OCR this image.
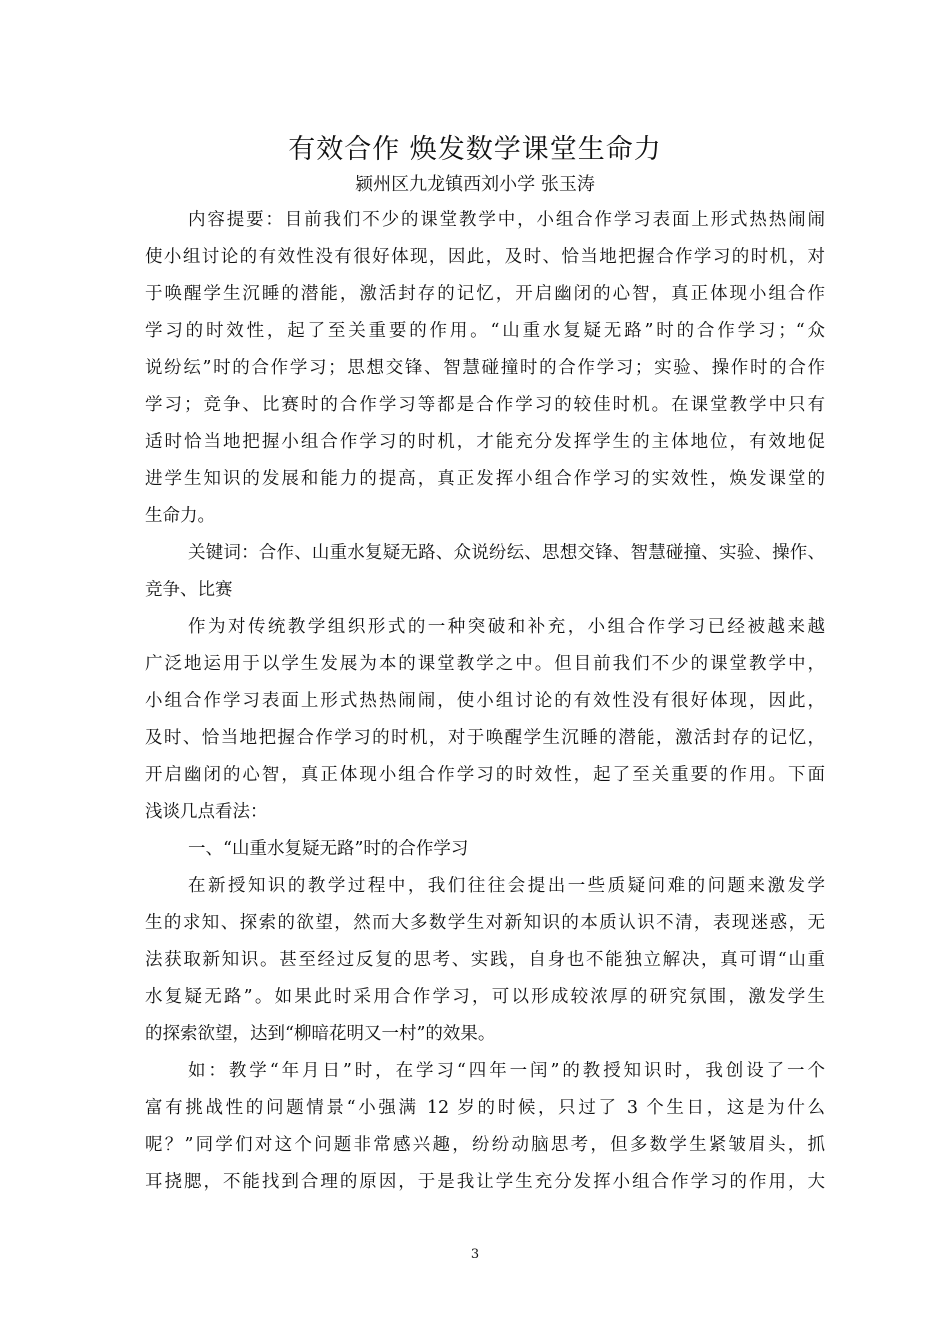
有效合作 焕发数学课堂生命力
颍州区九龙镇西刘小学 张玉涛
内容提要：目前我们不少的课堂教学中，小组合作学习表面上形式热热闹闹
使小组讨论的有效性没有很好体现，因此，及时、恰当地把握合作学习的时机，对
于唤醒学生沉睡的潜能，激活封存的记忆，开启幽闭的心智，真正体现小组合作
学习的时效性，起了至关重要的作用。“山重水复疑无路”时的合作学习；“众
说纷纭”时的合作学习；思想交锋、智慧碰撞时的合作学习；实验、操作时的合作
学习；竞争、比赛时的合作学习等都是合作学习的较佳时机。在课堂教学中只有
适时恰当地把握小组合作学习的时机，才能充分发挥学生的主体地位，有效地促
进学生知识的发展和能力的提高，真正发挥小组合作学习的实效性，焕发课堂的
生命力。
关键词：合作、山重水复疑无路、众说纷纭、思想交锋、智慧碰撞、实验、操作、
竞争、比赛
作为对传统教学组织形式的一种突破和补充，小组合作学习已经被越来越
广泛地运用于以学生发展为本的课堂教学之中。但目前我们不少的课堂教学中，
小组合作学习表面上形式热热闹闹，使小组讨论的有效性没有很好体现，因此，
及时、恰当地把握合作学习的时机，对于唤醒学生沉睡的潜能，激活封存的记忆，
开启幽闭的心智，真正体现小组合作学习的时效性，起了至关重要的作用。下面
浅谈几点看法：
一、“山重水复疑无路”时的合作学习
在新授知识的教学过程中，我们往往会提出一些质疑问难的问题来激发学
生的求知、探索的欲望，然而大多数学生对新知识的本质认识不清，表现迷惑，无
法获取新知识。甚至经过反复的思考、实践，自身也不能独立解决，真可谓“山重
水复疑无路”。如果此时采用合作学习，可以形成较浓厚的研究氛围，激发学生
的探索欲望，达到“柳暗花明又一村”的效果。
如：教学“年月日”时，在学习“四年一闰”的教授知识时，我创设了一个
富有挑战性的问题情景“小强满 12 岁的时候，只过了 3 个生日，这是为什么
呢？”同学们对这个问题非常感兴趣，纷纷动脑思考，但多数学生紧皱眉头，抓
耳挠腮，不能找到合理的原因，于是我让学生充分发挥小组合作学习的作用，大
3
